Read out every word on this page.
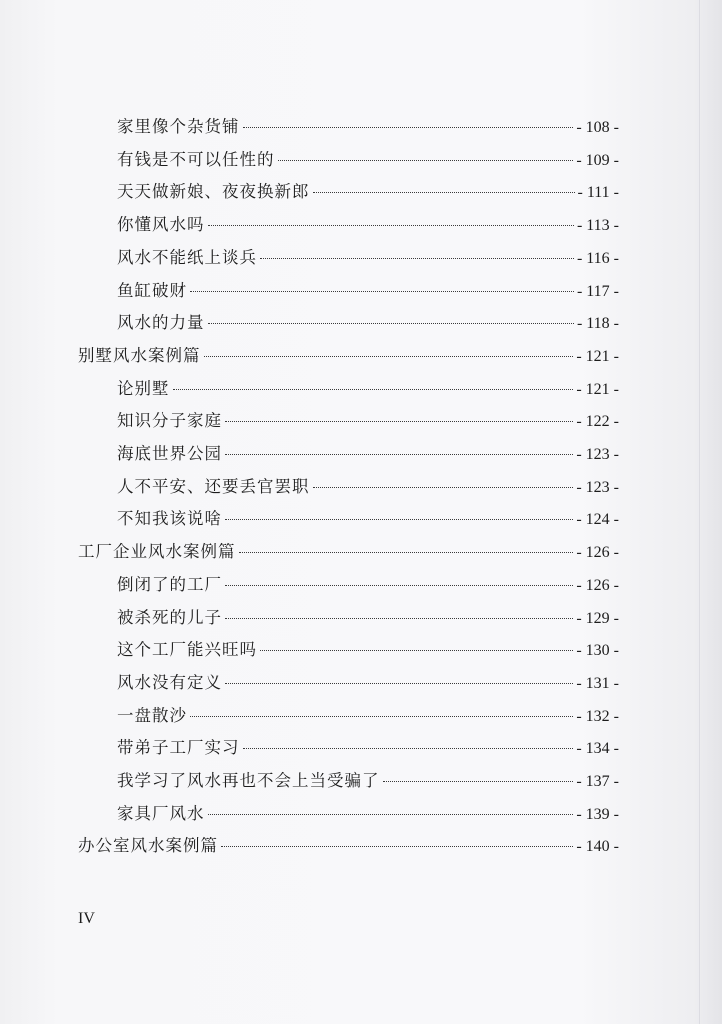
家里像个杂货铺	- 108 -
有钱是不可以任性的	- 109 -
天天做新娘、夜夜换新郎	- 111 -
你懂风水吗	- 113 -
风水不能纸上谈兵	- 116 -
鱼缸破财	- 117 -
风水的力量	- 118 -
别墅风水案例篇	- 121 -
论别墅	- 121 -
知识分子家庭	- 122 -
海底世界公园	- 123 -
人不平安、还要丢官罢职	- 123 -
不知我该说啥	- 124 -
工厂企业风水案例篇	- 126 -
倒闭了的工厂	- 126 -
被杀死的儿子	- 129 -
这个工厂能兴旺吗	- 130 -
风水没有定义	- 131 -
一盘散沙	- 132 -
带弟子工厂实习	- 134 -
我学习了风水再也不会上当受骗了	- 137 -
家具厂风水	- 139 -
办公室风水案例篇	- 140 -
IV
